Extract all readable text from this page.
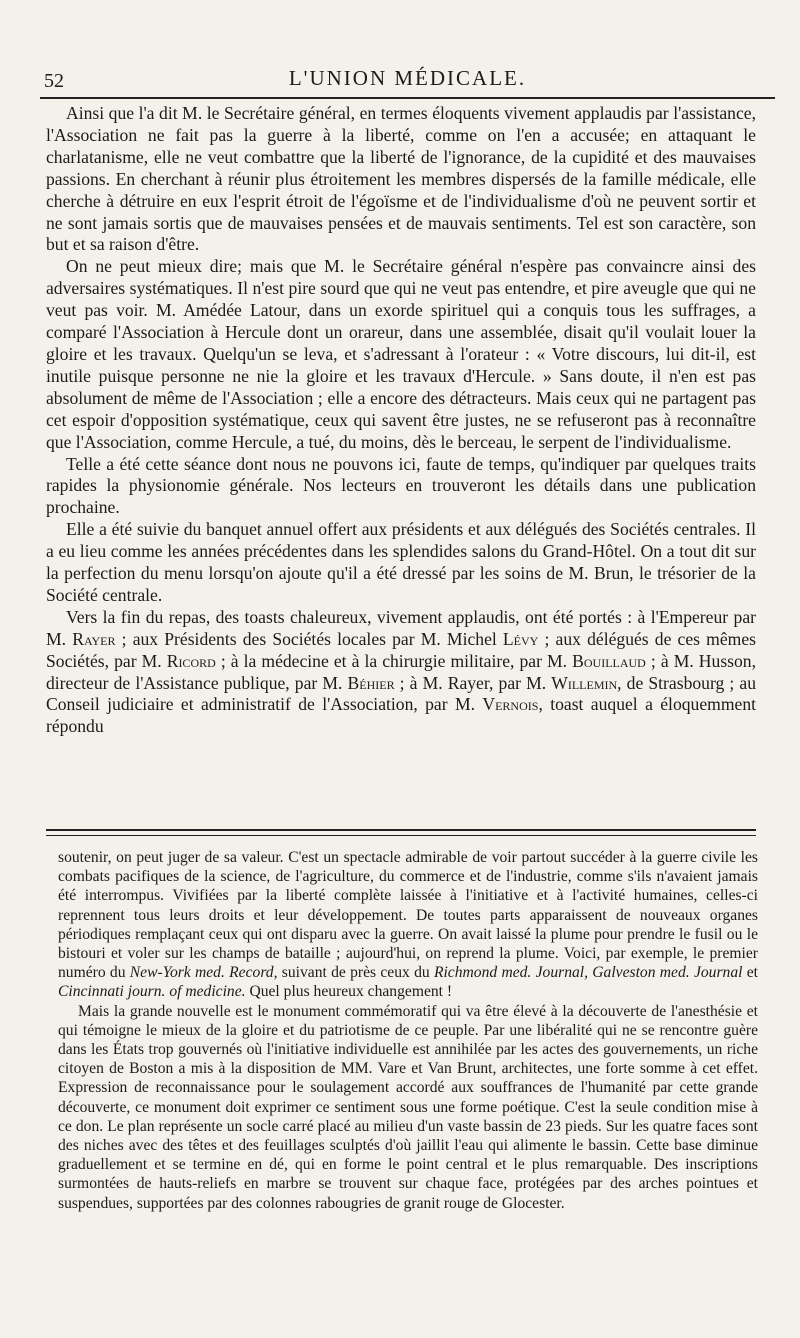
52	L'UNION MÉDICALE.

Ainsi que l'a dit M. le Secrétaire général, en termes éloquents vivement applaudis par l'assistance, l'Association ne fait pas la guerre à la liberté, comme on l'en a accusée; en attaquant le charlatanisme, elle ne veut combattre que la liberté de l'ignorance, de la cupidité et des mauvaises passions. En cherchant à réunir plus étroitement les membres dispersés de la famille médicale, elle cherche à détruire en eux l'esprit étroit de l'égoïsme et de l'individualisme d'où ne peuvent sortir et ne sont jamais sortis que de mauvaises pensées et de mauvais sentiments. Tel est son caractère, son but et sa raison d'être.

On ne peut mieux dire; mais que M. le Secrétaire général n'espère pas convaincre ainsi des adversaires systématiques. Il n'est pire sourd que qui ne veut pas entendre, et pire aveugle que qui ne veut pas voir. M. Amédée Latour, dans un exorde spirituel qui a conquis tous les suffrages, a comparé l'Association à Hercule dont un orareur, dans une assemblée, disait qu'il voulait louer la gloire et les travaux. Quelqu'un se leva, et s'adressant à l'orateur : « Votre discours, lui dit-il, est inutile puisque personne ne nie la gloire et les travaux d'Hercule. » Sans doute, il n'en est pas absolument de même de l'Association ; elle a encore des détracteurs. Mais ceux qui ne partagent pas cet espoir d'opposition systématique, ceux qui savent être justes, ne se refuseront pas à reconnaître que l'Association, comme Hercule, a tué, du moins, dès le berceau, le serpent de l'individualisme.

Telle a été cette séance dont nous ne pouvons ici, faute de temps, qu'indiquer par quelques traits rapides la physionomie générale. Nos lecteurs en trouveront les détails dans une publication prochaine.

Elle a été suivie du banquet annuel offert aux présidents et aux délégués des Sociétés centrales. Il a eu lieu comme les années précédentes dans les splendides salons du Grand-Hôtel. On a tout dit sur la perfection du menu lorsqu'on ajoute qu'il a été dressé par les soins de M. Brun, le trésorier de la Société centrale.

Vers la fin du repas, des toasts chaleureux, vivement applaudis, ont été portés : à l'Empereur par M. Rayer ; aux Présidents des Sociétés locales par M. Michel Lévy ; aux délégués de ces mêmes Sociétés, par M. Ricord ; à la médecine et à la chirurgie militaire, par M. Bouillaud ; à M. Husson, directeur de l'Assistance publique, par M. Béhier ; à M. Rayer, par M. Willemin, de Strasbourg ; au Conseil judiciaire et administratif de l'Association, par M. Vernois, toast auquel a éloquemment répondu

soutenir, on peut juger de sa valeur. C'est un spectacle admirable de voir partout succéder à la guerre civile les combats pacifiques de la science, de l'agriculture, du commerce et de l'industrie, comme s'ils n'avaient jamais été interrompus. Vivifiées par la liberté complète laissée à l'initiative et à l'activité humaines, celles-ci reprennent tous leurs droits et leur développement. De toutes parts apparaissent de nouveaux organes périodiques remplaçant ceux qui ont disparu avec la guerre. On avait laissé la plume pour prendre le fusil ou le bistouri et voler sur les champs de bataille ; aujourd'hui, on reprend la plume. Voici, par exemple, le premier numéro du New-York med. Record, suivant de près ceux du Richmond med. Journal, Galveston med. Journal et Cincinnati journ. of medicine. Quel plus heureux changement !

Mais la grande nouvelle est le monument commémoratif qui va être élevé à la découverte de l'anesthésie et qui témoigne le mieux de la gloire et du patriotisme de ce peuple. Par une libéralité qui ne se rencontre guère dans les États trop gouvernés où l'initiative individuelle est annihilée par les actes des gouvernements, un riche citoyen de Boston a mis à la disposition de MM. Vare et Van Brunt, architectes, une forte somme à cet effet. Expression de reconnaissance pour le soulagement accordé aux souffrances de l'humanité par cette grande découverte, ce monument doit exprimer ce sentiment sous une forme poétique. C'est la seule condition mise à ce don. Le plan représente un socle carré placé au milieu d'un vaste bassin de 23 pieds. Sur les quatre faces sont des niches avec des têtes et des feuillages sculptés d'où jaillit l'eau qui alimente le bassin. Cette base diminue graduellement et se termine en dé, qui en forme le point central et le plus remarquable. Des inscriptions surmontées de hauts-reliefs en marbre se trouvent sur chaque face, protégées par des arches pointues et suspendues, supportées par des colonnes rabougries de granit rouge de Glocester.
